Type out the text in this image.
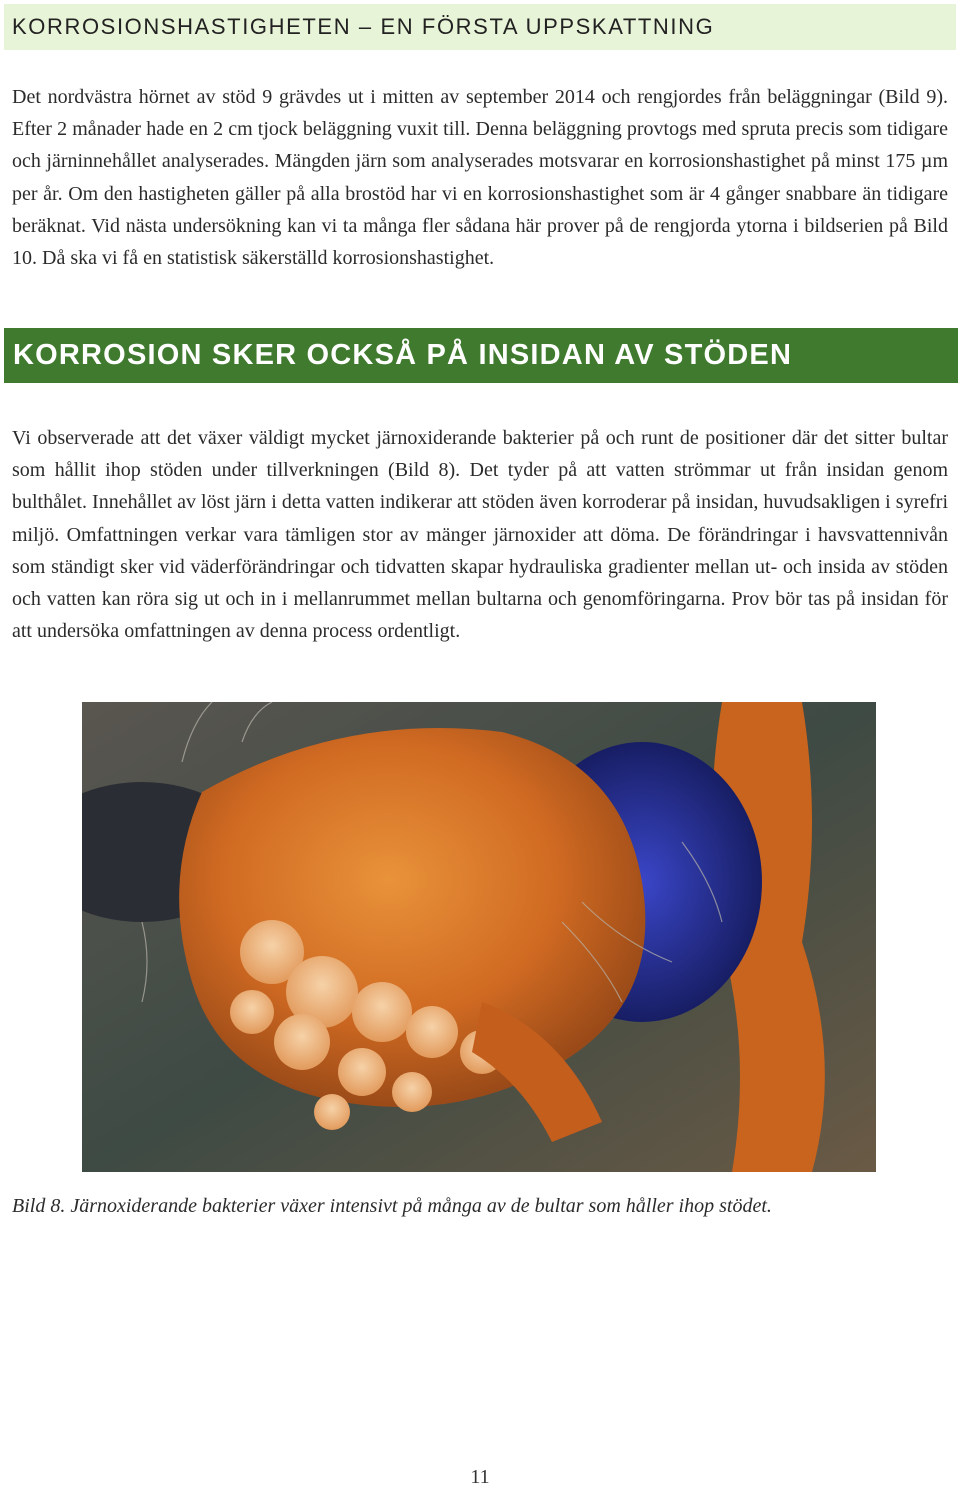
KORROSIONSHASTIGHETEN – EN FÖRSTA UPPSKATTNING

Det nordvästra hörnet av stöd 9 grävdes ut i mitten av september 2014 och rengjordes från beläggningar (Bild 9). Efter 2 månader hade en 2 cm tjock beläggning vuxit till. Denna beläggning provtogs med spruta precis som tidigare och järninnehållet analyserades. Mängden järn som analyserades motsvarar en korrosionshastighet på minst 175 µm per år. Om den hastigheten gäller på alla brostöd har vi en korrosionshastighet som är 4 gånger snabbare än tidigare beräknat. Vid nästa undersökning kan vi ta många fler sådana här prover på de rengjorda ytorna i bildserien på Bild 10. Då ska vi få en statistisk säkerställd korrosionshastighet.

KORROSION SKER OCKSÅ PÅ INSIDAN AV STÖDEN

Vi observerade att det växer väldigt mycket järnoxiderande bakterier på och runt de positioner där det sitter bultar som hållit ihop stöden under tillverkningen (Bild 8). Det tyder på att vatten strömmar ut från insidan genom bulthålet. Innehållet av löst järn i detta vatten indikerar att stöden även korroderar på insidan, huvudsakligen i syrefri miljö. Omfattningen verkar vara tämligen stor av mänger järnoxider att döma. De förändringar i havsvattennivån som ständigt sker vid väderförändringar och tidvatten skapar hydrauliska gradienter mellan ut- och insida av stöden och vatten kan röra sig ut och in i mellanrummet mellan bultarna och genomföringarna. Prov bör tas på insidan för att undersöka omfattningen av denna process ordentligt.

Bild 8. Järnoxiderande bakterier växer intensivt på många av de bultar som håller ihop stödet.

11
